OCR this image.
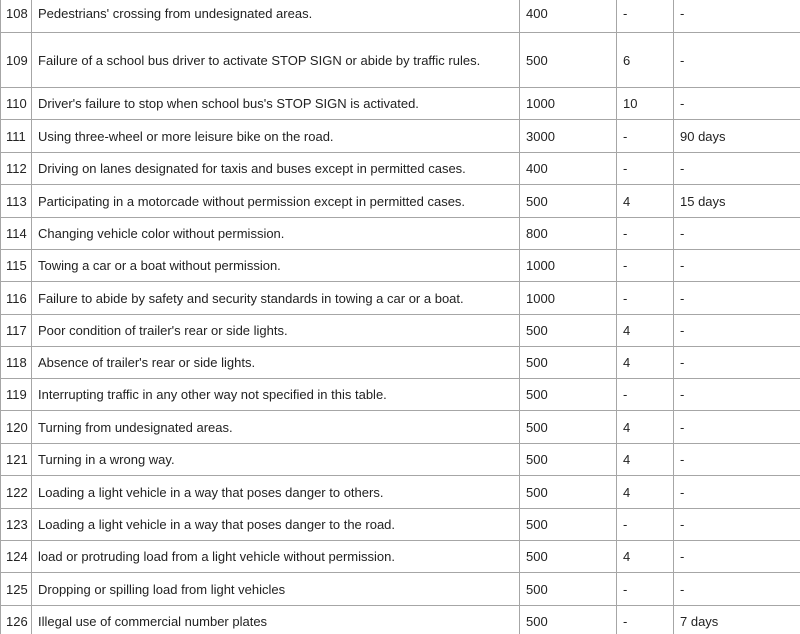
108	Pedestrians' crossing from undesignated areas.	400	-	-
109	Failure of a school bus driver to activate STOP SIGN or abide by traffic rules.	500	6	-
110	Driver's failure to stop when school bus's STOP SIGN is activated.	1000	10	-
111	Using three-wheel or more leisure bike on the road.	3000	-	90 days
112	Driving on lanes designated for taxis and buses except in permitted cases.	400	-	-
113	Participating in a motorcade without permission except in permitted cases.	500	4	15 days
114	Changing vehicle color without permission.	800	-	-
115	Towing a car or a boat without permission.	1000	-	-
116	Failure to abide by safety and security standards in towing a car or a boat.	1000	-	-
117	Poor condition of trailer's rear or side lights.	500	4	-
118	Absence of trailer's rear or side lights.	500	4	-
119	Interrupting traffic in any other way not specified in this table.	500	-	-
120	Turning from undesignated areas.	500	4	-
121	Turning in a wrong way.	500	4	-
122	Loading a light vehicle in a way that poses danger to others.	500	4	-
123	Loading a light vehicle in a way that poses danger to the road.	500	-	-
124	load or protruding load from a light vehicle without permission.	500	4	-
125	Dropping or spilling load from light vehicles	500	-	-
126	Illegal use of commercial number plates	500	-	7 days
